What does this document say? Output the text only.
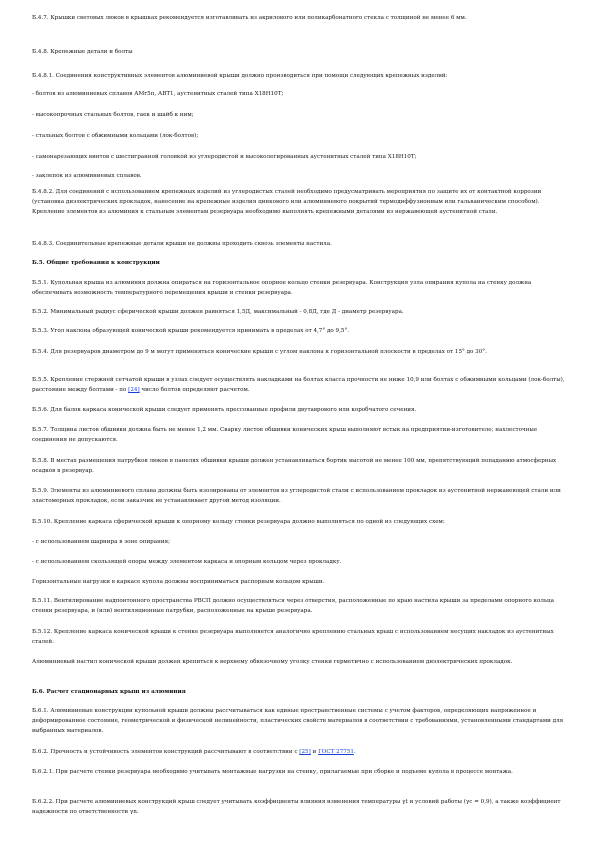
Б.4.7. Крышки световых люков в крышках рекомендуется изготавливать из акрилового или поликарбонатного стекла с толщиной не менее 6 мм.

Б.4.8. Крепежные детали и болты

Б.4.8.1. Соединения конструктивных элементов алюминиевой крыши должно производиться при помощи следующих крепежных изделий:

- болтов из алюминиевых сплавов АМг5п, АВТ1, аустенитных сталей типа Х18Н10Т;

- высокопрочных стальных болтов, гаек и шайб к ним;

- стальных болтов с обжимными кольцами (лок-болтов);

- самонарезающих винтов с шестигранной головкой из углеродистой и высоколегированных аустенитных сталей типа Х18Н10Т;

- заклепок из алюминиевых сплавов.

Б.4.8.2. Для соединений с использованием крепежных изделий из углеродистых сталей необходимо предусматривать мероприятия по защите их от контактной коррозии (установка диэлектрических прокладок, нанесение на крепежные изделия цинкового или алюминиевого покрытий термодиффузионным или гальваническим способом). Крепление элементов из алюминия к стальным элементам резервуара необходимо выполнять крепежными деталями из нержавеющей аустенитной стали.

Б.4.8.3. Соединительные крепежные детали крыши не должны проходить сквозь элементы настила.

Б.5. Общие требования к конструкции

Б.5.1. Купольная крыша из алюминия должна опираться на горизонтальное опорное кольцо стенки резервуара. Конструкция узла опирания купола на стенку должна обеспечивать возможность температурного перемещения крыши и стенки резервуара.

Б.5.2. Минимальный радиус сферической крыши должен равняться 1,5Д, максимальный - 0,8Д, где Д - диаметр резервуара.

Б.5.3. Угол наклона образующей конической крыши рекомендуется принимать в пределах от 4,7° до 9,5°.

Б.5.4. Для резервуаров диаметром до 9 м могут применяться конические крыши с углом наклона к горизонтальной плоскости в пределах от 15° до 30°.

Б.5.5. Крепление стержней сетчатой крыши в узлах следует осуществлять накладками на болтах класса прочности не ниже 10,9 или болтах с обжимными кольцами (лок-болты), расстояние между болтами - по [24] число болтов определяют расчетом.

Б.5.6. Для балок каркаса конической крыши следует применять прессованные профили двутаврового или коробчатого сечения.

Б.5.7. Толщина листов обшивки должна быть не менее 1,2 мм. Сварку листов обшивки конических крыш выполняют встык на предприятии-изготовителе; нахлесточные соединения не допускаются.

Б.5.8. В местах размещения патрубков люков в панелях обшивки крыши должен устанавливаться бортик высотой не менее 100 мм, препятствующий попаданию атмосферных осадков в резервуар.

Б.5.9. Элементы из алюминиевого сплава должны быть изолированы от элементов из углеродистой стали с использованием прокладок из аустенитной нержавеющей стали или эластомерных прокладок, если заказчик не устанавливает другой метод изоляции.

Б.5.10. Крепление каркаса сферической крыши к опорному кольцу стенки резервуара должно выполняться по одной из следующих схем:

- с использованием шарнира в зоне опирания;

- с использованием скользящей опоры между элементом каркаса и опорным кольцом через прокладку.

Горизонтальные нагрузки в каркасе купола должны восприниматься распорным кольцом крыши.

Б.5.11. Вентилирование надпонтонного пространства РВСП должно осуществляться через отверстия, расположенные по краю настила крыши за пределами опорного кольца стенки резервуара, и (или) вентиляционные патрубки, расположенные на крыше резервуара.

Б.5.12. Крепление каркаса конической крыши к стенке резервуара выполняется аналогично креплению стальных крыш с использованием несущих накладок из аустенитных сталей.

Алюминиевый настил конической крыши должен крепиться к верхнему обвязочному уголку стенки герметично с использованием диэлектрических прокладок.

Б.6. Расчет стационарных крыш из алюминия

Б.6.1. Алюминиевые конструкции купольной крыши должны рассчитываться как единые пространственные системы с учетом факторов, определяющих напряженное и деформированное состояние, геометрической и физической нелинейности, пластических свойств материалов в соответствии с требованиями, установленными стандартами для выбранных материалов.

Б.6.2. Прочность и устойчивость элементов конструкций рассчитывают в соответствии с [25] и ГОСТ 27751.

Б.6.2.1. При расчете стенки резервуара необходимо учитывать монтажные нагрузки на стенку, прилагаемые при сборке и подъеме купола в процессе монтажа.

Б.6.2.2. При расчете алюминиевых конструкций крыш следует учитывать коэффициенты влияния изменения температуры γt и условий работы (γс = 0,9), а также коэффициент надежности по ответственности γn.
